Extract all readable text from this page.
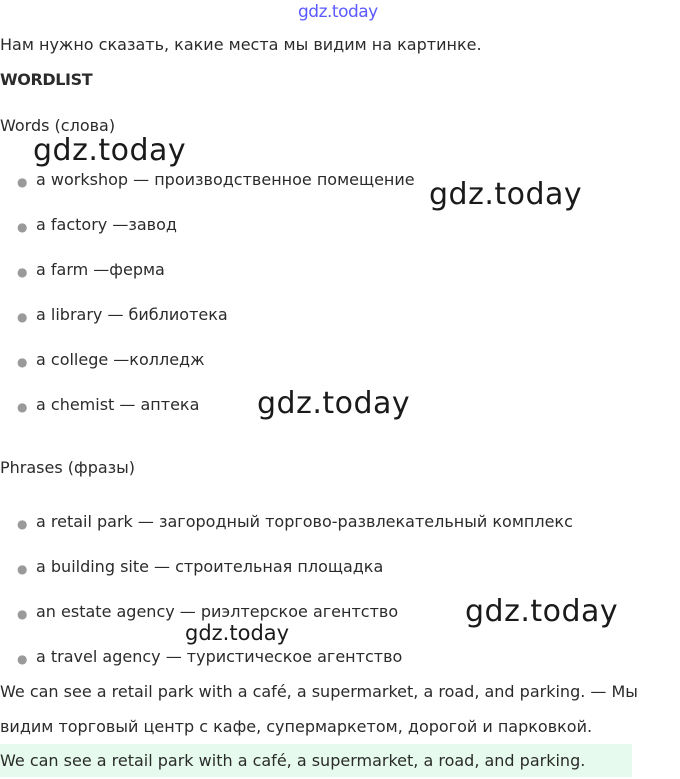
gdz.today
Нам нужно сказать, какие места мы видим на картинке.
WORDLIST
Words (слова)
gdz.today
● a workshop — производственное помещение
● a factory —завод
● a farm —ферма
● a library — библиотека
● a college —колледж
● a chemist — аптека
gdz.today
gdz.today
Phrases (фразы)
● a retail park — загородный торгово-развлекательный комплекс
● a building site — строительная площадка
● an estate agency — риэлтерское агентство
● a travel agency — туристическое агентство
gdz.today
gdz.today
We can see a retail park with a café, a supermarket, a road, and parking. — Мы
видим торговый центр с кафе, супермаркетом, дорогой и парковкой.
We can see a retail park with a café, a supermarket, a road, and parking.
